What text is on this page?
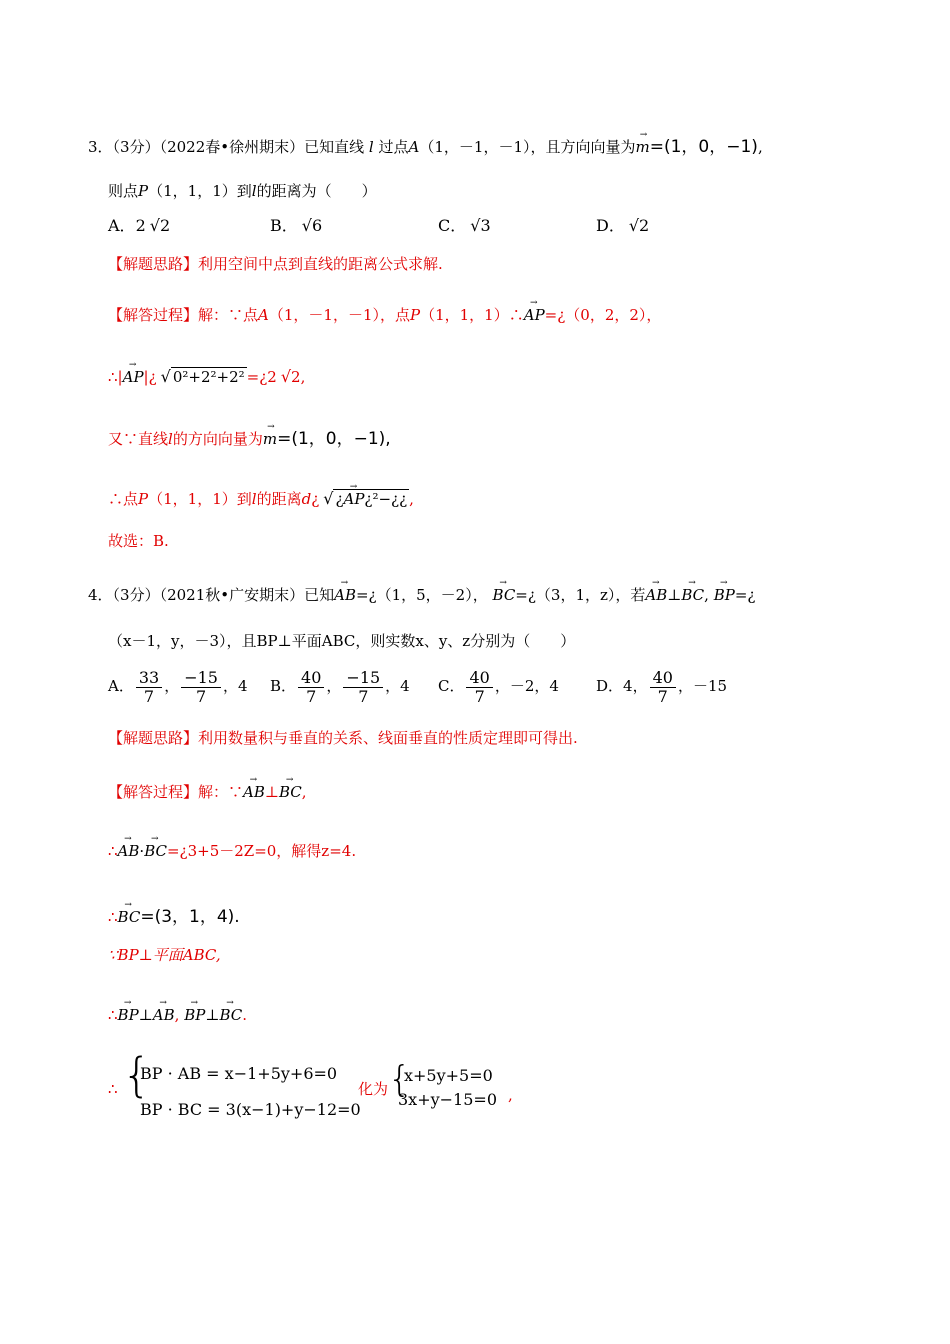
3．（3分）（2022春•徐州期末）已知直线 l 过点A（1，－1，－1），且方向向量为→ m=(1，0，−1),
则点P（1，1，1）到l的距离为（　　）
A．2 √2	B． √6	C． √3	D． √2
【解题思路】利用空间中点到直线的距离公式求解.
【解答过程】解：∵点A（1，－1，－1），点P（1，1，1）∴→ AP=¿（0，2，2），
∴|→ AP|¿ √ 0²+2²+2² =¿2 √2,
又∵直线l的方向向量为→ m=(1，0，−1),
∴点P（1，1，1）到l的距离d¿ √ ¿→ AP¿²−¿¿ ,
故选：B.
4．（3分）（2021秋•广安期末）已知→ AB=¿（1，5，－2）， → BC=¿（3，1，z），若→ AB⊥→ BC, → BP=¿
（x－1，y，－3），且BP⊥平面ABC，则实数x、y、z分别为（　　）
A． $\frac{33}{7}$ ， $\frac{-15}{7}$ ，4 B． $\frac{40}{7}$ ， $\frac{-15}{7}$ ，4 C． $\frac{40}{7}$ ，－2，4 D．4， $\frac{40}{7}$ ，－15
【解题思路】利用数量积与垂直的关系、线面垂直的性质定理即可得出.
【解答过程】解：∵→ AB⊥→ BC,
∴→ AB·→ BC=¿3+5－2Z=0，解得z=4.
∴→ BC=(3，1，4).
∵BP⊥平面ABC,
∴→ BP⊥→ AB, → BP⊥→ BC.
∴ {
BP · AB = x−1+5y+6=0
BP · BC = 3(x−1)+y−12=0
化为 {
x+5y+5=0
3x+y−15=0 ,
